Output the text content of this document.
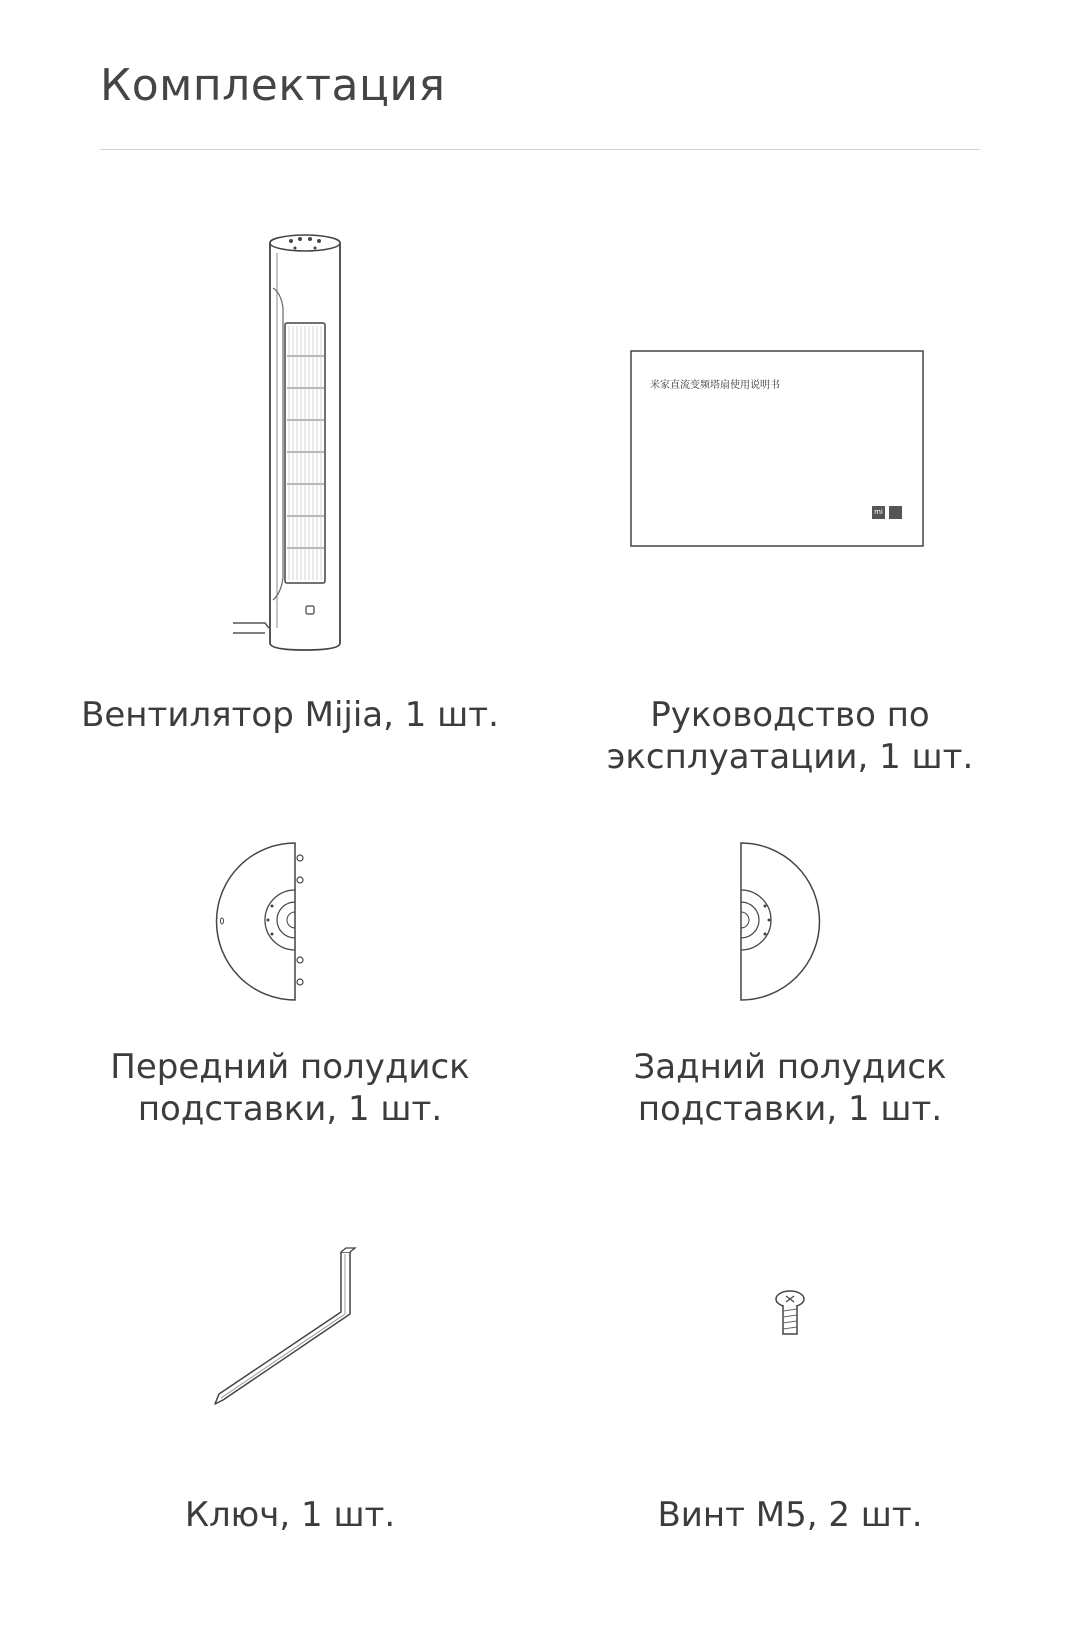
Комплектация
米家直流变频塔扇使用说明书
mi
Вентилятор Mijia, 1 шт.	Руководство по
эксплуатации, 1 шт.
Передний полудиск
подставки, 1 шт.
Задний полудиск
подставки, 1 шт.
Ключ, 1 шт.	Винт M5, 2 шт.
